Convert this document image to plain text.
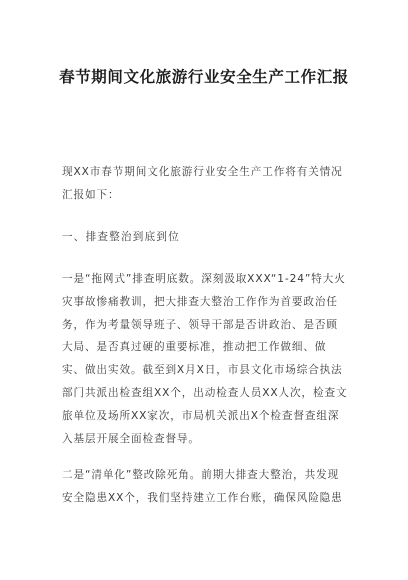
春节期间文化旅游行业安全生产工作汇报

现XX市春节期间文化旅游行业安全生产工作将有关情况汇报如下：

一、排查整治到底到位

一是“拖网式”排查明底数。深刻汲取XXX“1-24”特大火灾事故惨痛教训，把大排查大整治工作作为首要政治任务，作为考量领导班子、领导干部是否讲政治、是否顾大局、是否真过硬的重要标准，推动把工作做细、做实、做出实效。截至到X月X日，市县文化市场综合执法部门共派出检查组XX个，出动检查人员XX人次，检查文旅单位及场所XX家次，市局机关派出X个检查督查组深入基层开展全面检查督导。

二是“清单化”整改除死角。前期大排查大整治，共发现安全隐患XX个，我们坚持建立工作台账，确保风险隐患
